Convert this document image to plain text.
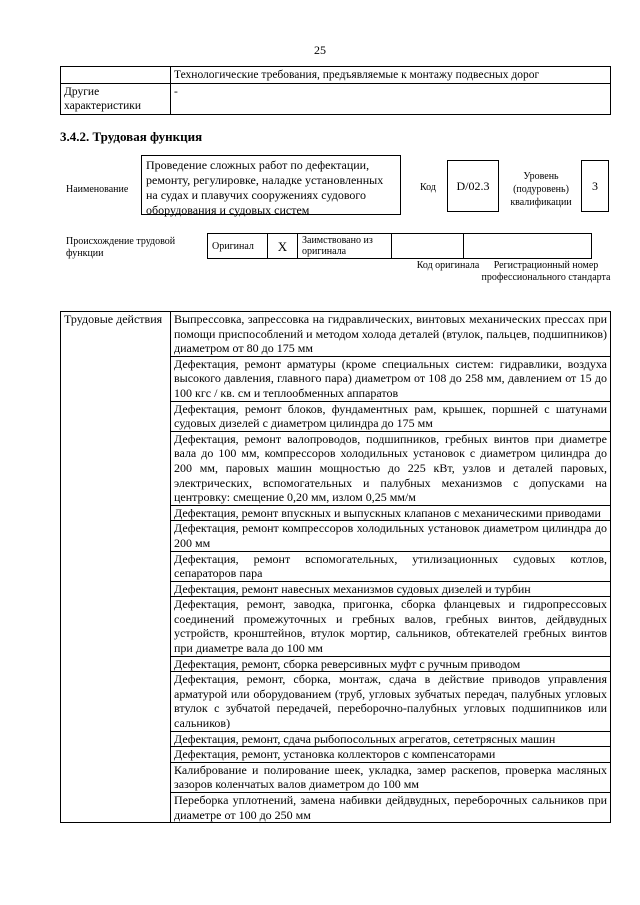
25
	Технологические требования, предъявляемые к монтажу подвесных дорог
Другие характеристики	-
3.4.2. Трудовая функция
Наименование
Проведение сложных работ по дефектации, ремонту, регулировке, наладке установленных на судах и плавучих сооружениях судового оборудования и судовых систем
Код	D/02.3
Уровень (подуровень) квалификации
3
Происхождение трудовой функции
Оригинал	X	Заимствовано из оригинала		
Код оригинала	Регистрационный номер профессионального стандарта
Трудовые действия	Выпрессовка, запрессовка на гидравлических, винтовых механических прессах при помощи приспособлений и методом холода деталей (втулок, пальцев, подшипников) диаметром от 80 до 175 мм
Дефектация, ремонт арматуры (кроме специальных систем: гидравлики, воздуха высокого давления, главного пара) диаметром от 108 до 258 мм, давлением от 15 до 100 кгс / кв. см и теплообменных аппаратов
Дефектация, ремонт блоков, фундаментных рам, крышек, поршней с шатунами судовых дизелей с диаметром цилиндра до 175 мм
Дефектация, ремонт валопроводов, подшипников, гребных винтов при диаметре вала до 100 мм, компрессоров холодильных установок с диаметром цилиндра до 200 мм, паровых машин мощностью до 225 кВт, узлов и деталей паровых, электрических, вспомогательных и палубных механизмов с допусками на центровку: смещение 0,20 мм, излом 0,25 мм/м
Дефектация, ремонт впускных и выпускных клапанов с механическими приводами
Дефектация, ремонт компрессоров холодильных установок диаметром цилиндра до 200 мм
Дефектация, ремонт вспомогательных, утилизационных судовых котлов, сепараторов пара
Дефектация, ремонт навесных механизмов судовых дизелей и турбин
Дефектация, ремонт, заводка, пригонка, сборка фланцевых и гидропрессовых соединений промежуточных и гребных валов, гребных винтов, дейдвудных устройств, кронштейнов, втулок мортир, сальников, обтекателей гребных винтов при диаметре вала до 100 мм
Дефектация, ремонт, сборка реверсивных муфт с ручным приводом
Дефектация, ремонт, сборка, монтаж, сдача в действие приводов управления арматурой или оборудованием (труб, угловых зубчатых передач, палубных угловых втулок с зубчатой передачей, переборочно-палубных угловых подшипников или сальников)
Дефектация, ремонт, сдача рыбопосольных агрегатов, сететрясных машин
Дефектация, ремонт, установка коллекторов с компенсаторами
Калибрование и полирование шеек, укладка, замер раскепов, проверка масляных зазоров коленчатых валов диаметром до 100 мм
Переборка уплотнений, замена набивки дейдвудных, переборочных сальников при диаметре от 100 до 250 мм
